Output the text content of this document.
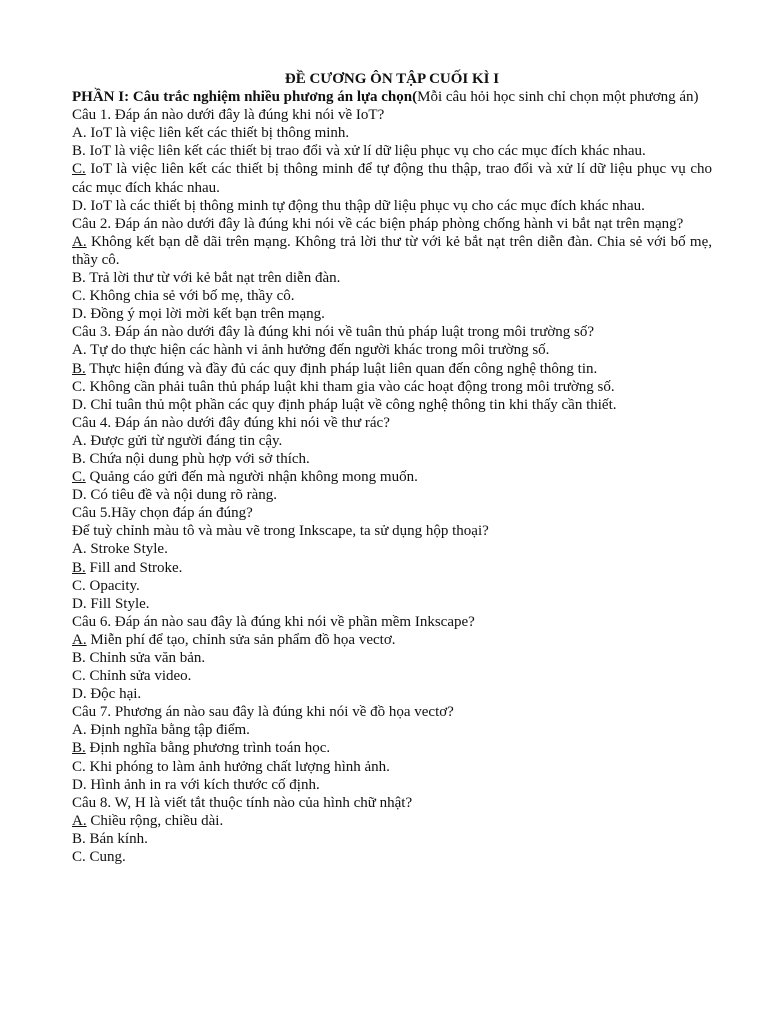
ĐỀ CƯƠNG ÔN TẬP CUỐI KÌ I

PHẦN I: Câu trắc nghiệm nhiều phương án lựa chọn(Mỗi câu hỏi học sinh chỉ chọn một phương án)

Câu 1. Đáp án nào dưới đây là đúng khi nói về IoT?

A. IoT là việc liên kết các thiết bị thông minh.

B. IoT là việc liên kết các thiết bị trao đổi và xử lí dữ liệu phục vụ cho các mục đích khác nhau.

C. IoT là việc liên kết các thiết bị thông minh để tự động thu thập, trao đổi và xử lí dữ liệu phục vụ cho các mục đích khác nhau.

D. IoT là các thiết bị thông minh tự động thu thập dữ liệu phục vụ cho các mục đích khác nhau.

Câu 2. Đáp án nào dưới đây là đúng khi nói về các biện pháp phòng chống hành vi bắt nạt trên mạng?

A. Không kết bạn dễ dãi trên mạng. Không trả lời thư từ với kẻ bắt nạt trên diễn đàn. Chia sẻ với bố mẹ, thầy cô.

B. Trả lời thư từ với kẻ bắt nạt trên diễn đàn.

C. Không chia sẻ với bố mẹ, thầy cô.

D. Đồng ý mọi lời mời kết bạn trên mạng.

Câu 3. Đáp án nào dưới đây là đúng khi nói về tuân thủ pháp luật trong môi trường số?

A. Tự do thực hiện các hành vi ảnh hưởng đến người khác trong môi trường số.

B. Thực hiện đúng và đầy đủ các quy định pháp luật liên quan đến công nghệ thông tin.

C. Không cần phải tuân thủ pháp luật khi tham gia vào các hoạt động trong môi trường số.

D. Chỉ tuân thủ một phần các quy định pháp luật về công nghệ thông tin khi thấy cần thiết.

Câu 4. Đáp án nào dưới đây đúng khi nói về thư rác?

A. Được gửi từ người đáng tin cậy.

B. Chứa nội dung phù hợp với sở thích.

C. Quảng cáo gửi đến mà người nhận không mong muốn.

D. Có tiêu đề và nội dung rõ ràng.

Câu 5.Hãy chọn đáp án đúng?

Để tuỳ chỉnh màu tô và màu vẽ trong Inkscape, ta sử dụng hộp thoại?

A. Stroke Style.

B. Fill and Stroke.

C. Opacity.

D. Fill Style.

Câu 6. Đáp án nào sau đây là đúng khi nói về phần mềm Inkscape?

A. Miễn phí để tạo, chỉnh sửa sản phẩm đồ họa vectơ.

B. Chỉnh sửa văn bản.

C. Chỉnh sửa video.

D. Độc hại.

Câu 7. Phương án nào sau đây là đúng khi nói về đồ họa vectơ?

A. Định nghĩa bằng tập điểm.

B. Định nghĩa bằng phương trình toán học.

C. Khi phóng to làm ảnh hưởng chất lượng hình ảnh.

D. Hình ảnh in ra với kích thước cố định.

Câu 8. W, H là viết tắt thuộc tính nào của hình chữ nhật?

A. Chiều rộng, chiều dài.

B. Bán kính.

C. Cung.
